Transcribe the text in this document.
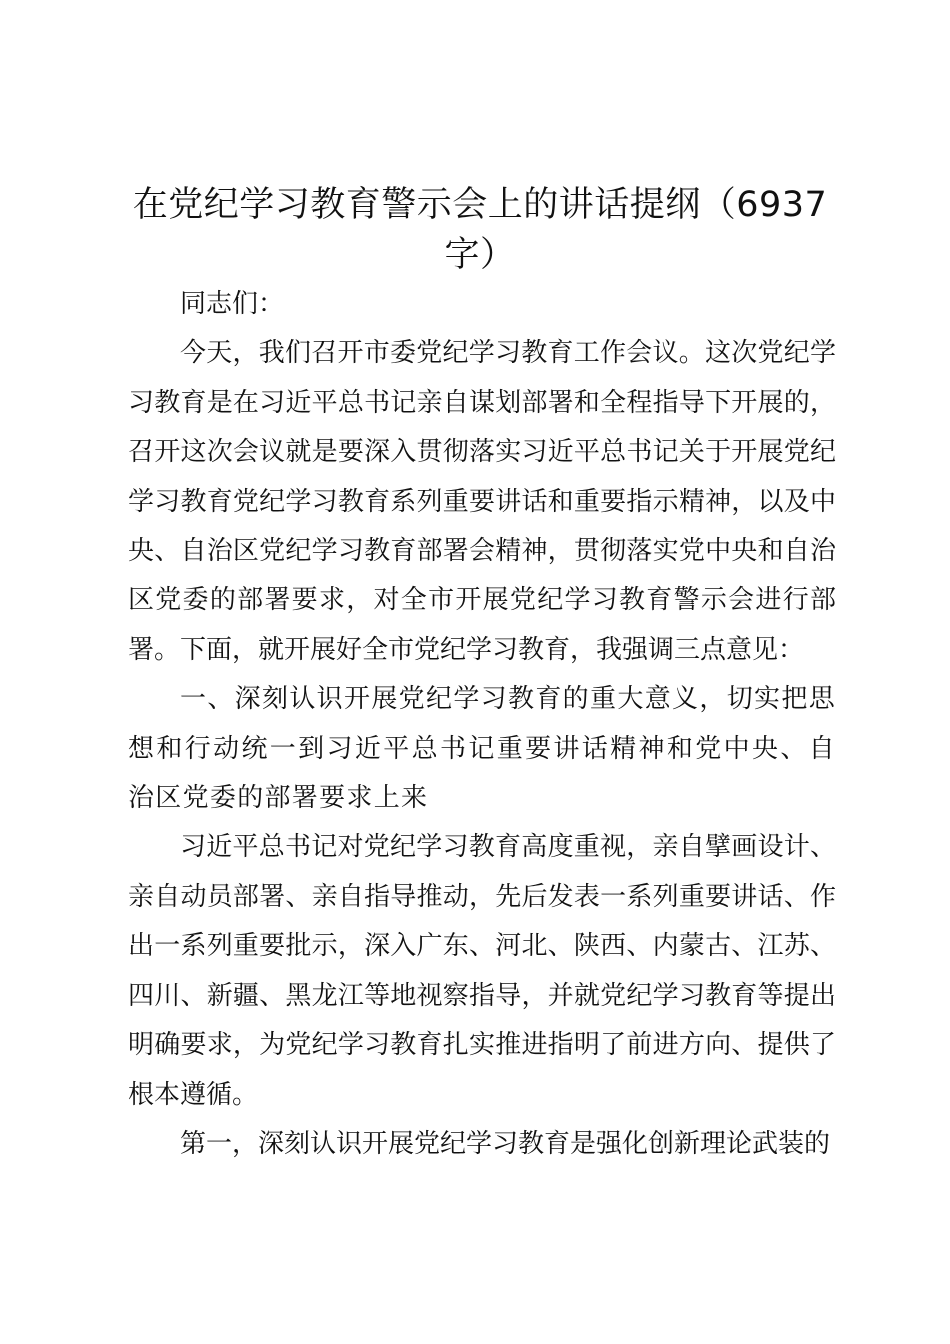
在党纪学习教育警示会上的讲话提纲（6937字）

同志们：

今天，我们召开市委党纪学习教育工作会议。这次党纪学习教育是在习近平总书记亲自谋划部署和全程指导下开展的，召开这次会议就是要深入贯彻落实习近平总书记关于开展党纪学习教育党纪学习教育系列重要讲话和重要指示精神，以及中央、自治区党纪学习教育部署会精神，贯彻落实党中央和自治区党委的部署要求，对全市开展党纪学习教育警示会进行部署。下面，就开展好全市党纪学习教育，我强调三点意见：

一、深刻认识开展党纪学习教育的重大意义，切实把思想和行动统一到习近平总书记重要讲话精神和党中央、自治区党委的部署要求上来

习近平总书记对党纪学习教育高度重视，亲自擘画设计、亲自动员部署、亲自指导推动，先后发表一系列重要讲话、作出一系列重要批示，深入广东、河北、陕西、内蒙古、江苏、四川、新疆、黑龙江等地视察指导，并就党纪学习教育等提出明确要求，为党纪学习教育扎实推进指明了前进方向、提供了根本遵循。

第一，深刻认识开展党纪学习教育是强化创新理论武装的
